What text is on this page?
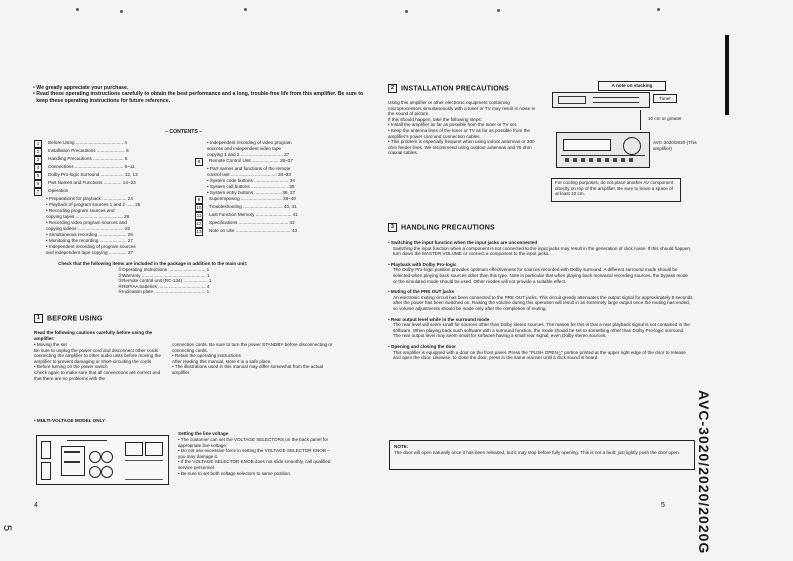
5
• We greatly appreciate your purchase.
• Read these operating instructions carefully to obtain the best performance and a long, trouble-free life from this amplifier. Be sure to keep these operating instructions for future reference.
– CONTENTS –
1	Before Using ..................................... 4
2	Installation Precautions ...................... 5
3	Handling Precautions ........................ 5
4	Connections ...................................... 6~11
5	Dolby Pro-logic Surround .................. 12, 13
6	Part Names and Functions .............. 14~23
7	Operation
• Preparations for playback ................... 24
• Playback of program sources 1 and 2 ...... 25
• Recording program sources and
copying tapes ..................................... 26
• Recording video program sources and
copying videos .................................... 26
• Simultaneous recording ...................... 26
• Monitoring the recording ..................... 27
• Independent recording of program sources
and independent tape copying .............. 27
• Independent recording of video program
sources and independent video tape
copying 1 and 2 ................................. 27
8	Remote Control Unit ..................... 28~37
• Part names and functions of the remote
control unit .................................... 28~33
• System code buttons ........................... 34
• System call buttons ............................. 35
• System entry buttons ..................... 36, 37
9	Superimposing ................................ 38~40
10	Troubleshooting ............................... 40, 41
11	Last Function Memory ............................ 41
12	Specifications ....................................... 42
13	Note on Use ........................................... 43
Check that the following items are included in the package in addition to the main unit:
①Operating Instructions ............................. 1
②Warranty .................................................. 1
③Remote control unit (RC-134) ................... 1
④R6P/AA batteries ..................................... 4
⑤Indication plate ........................................ 1
1 BEFORE USING
Read the following cautions carefully before using the amplifier:
• Moving the set
Be sure to unplug the power cord and disconnect other cords connecting the amplifier to other audio units before moving the amplifier to prevent damaging or short-circuiting the cords.
• Before turning on the power switch
Check again to make sure that all connections are correct and that there are no problems with the
connection cords. Be sure to turn the power STANDBY before disconnecting or connecting cords.
• Retain the operating instructions
After reading this manual, store it in a safe place.
• The illustrations used in this manual may differ somewhat from the actual amplifier.
• MULTI-VOLTAGE MODEL ONLY
Setting the line voltage
• The customer can set the VOLTAGE SELECTORS on the back panel for appropriate line voltage.
• Do not use excessive force in setting the VOLTAGE SELECTOR KNOB – you may damage it.
• If the VOLTAGE SELECTOR KNOB does not slide smoothly, call qualified service personnel.
• Be sure to set both voltage selectors to same position.
4
2 INSTALLATION PRECAUTIONS
Using this amplifier or other electronic equipment containing microprocessors simultaneously with a tuner or TV may result in noise in the sound of picture.
If this should happen, take the following steps:
• Install the amplifier as far as possible from the tuner or TV set.
• Keep the antenna lines of the tuner or TV as far as possible from the amplifier's power cord and connection cables.
• This problem is especially frequent when using indoor antennas or 300 ohm feeder lines. We recommend using outdoor antennas and 75 ohm coaxial cables.
A note on stacking
Tuner
10 cm or greater
AVC-3020/2020 (This amplifier)
For cooling purposes, do not place another AV component directly on top of the amplifier. Be sure to leave a space of at least 10 cm.
3 HANDLING PRECAUTIONS
• Switching the input function when the input jacks are unconnected
Switching the input function when a component is not connected to the input jacks may result in the generation of click noise. If this should happen, turn down the MASTER VOLUME or connect a component to the input jacks.
• Playback with Dolby Pro-logic
The Dolby Pro-logic position provides optimum effectiveness for sources recorded with Dolby surround. A different surround mode should be selected when playing back sources other than this type. Note in particular that when playing back monaural recording sources, the bypass mode or the simulated mode should be used. Other modes will not provide a suitable effect.
• Muting of the PRE OUT jacks
An electronic muting circuit has been connected to the PRE OUT jacks. This circuit greatly attenuates the output signal for approximately 8 seconds after the power has been switched on. Raising the volume during this operation will result in an extremely large output once the muting has ended, so volume adjustments should be made only after the completion of muting.
• Rear output level while in the surround mode
The rear level will seem small for sources other than Dolby stereo sources. The reason for this is that a rear playback signal is not contained in the software. When playing back such software with a surround function, the mode should be set to something other than Dolby Pro-logic surround. The rear output level may seem small for software having a small rear signal, even Dolby stereo sources.
• Opening and closing the door
This amplifier is equipped with a door on the front panel. Press the "PUSH OPEN△" portion printed at the upper right edge of the door to release and open the door. Likewise, to close the door, press in the same manner until a click sound is heard.
NOTE:
The door will open naturally once it has been released, but it may stop before fully opening. This is not a fault; just lightly push the door open.
5 AVC-3020/2020/2020G
